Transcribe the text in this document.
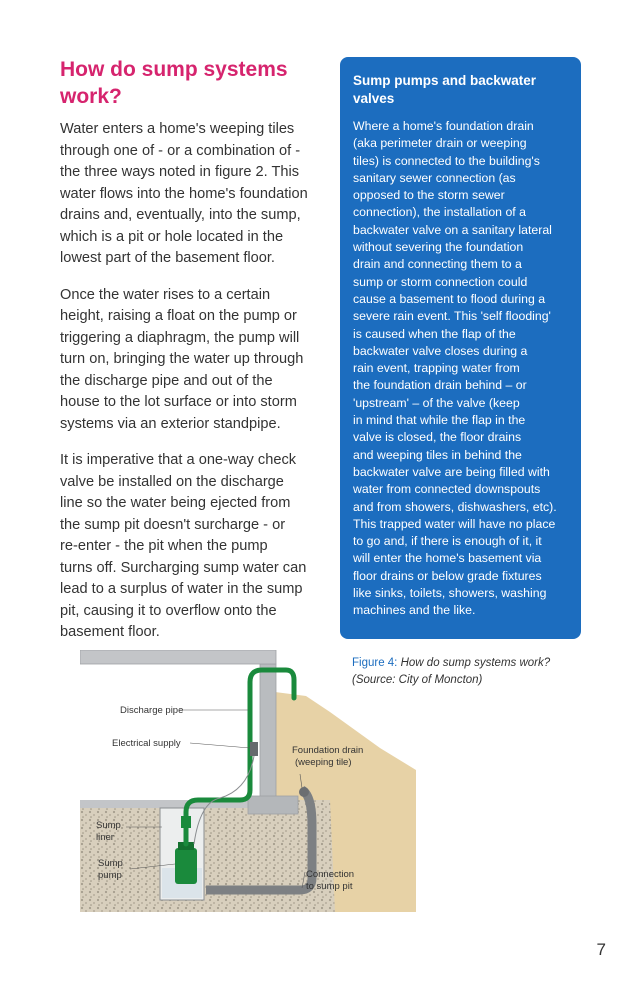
How do sump systems
work?

Water enters a home's weeping tiles
through one of - or a combination of -
the three ways noted in figure 2. This
water flows into the home's foundation
drains and, eventually, into the sump,
which is a pit or hole located in the
lowest part of the basement floor.

Once the water rises to a certain
height, raising a float on the pump or
triggering a diaphragm, the pump will
turn on, bringing the water up through
the discharge pipe and out of the
house to the lot surface or into storm
systems via an exterior standpipe.

It is imperative that a one-way check
valve be installed on the discharge
line so the water being ejected from
the sump pit doesn't surcharge - or
re-enter - the pit when the pump
turns off. Surcharging sump water can
lead to a surplus of water in the sump
pit, causing it to overflow onto the
basement floor.

Sump pumps and backwater
valves

Where a home's foundation drain
(aka perimeter drain or weeping
tiles) is connected to the building's
sanitary sewer connection (as
opposed to the storm sewer
connection), the installation of a
backwater valve on a sanitary lateral
without severing the foundation
drain and connecting them to a
sump or storm connection could
cause a basement to flood during a
severe rain event. This 'self flooding'
is caused when the flap of the
backwater valve closes during a
rain event, trapping water from
the foundation drain behind – or
'upstream' – of the valve (keep
in mind that while the flap in the
valve is closed, the floor drains
and weeping tiles in behind the
backwater valve are being filled with
water from connected downspouts
and from showers, dishwashers, etc).
This trapped water will have no place
to go and, if there is enough of it, it
will enter the home's basement via
floor drains or below grade fixtures
like sinks, toilets, showers, washing
machines and the like.

Figure 4: How do sump systems work?
(Source: City of Moncton)
Discharge pipe
Electrical supply
Foundation drain
(weeping tile)
Sump
liner
Sump
pump	Connection
to sump pit
7
